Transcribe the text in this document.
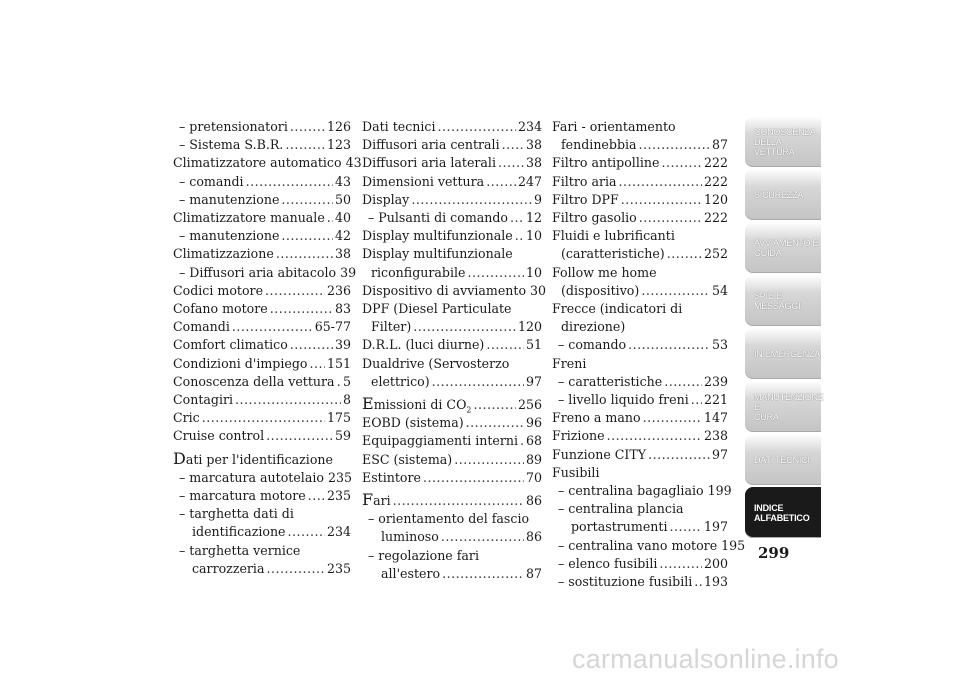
– pretensionatori .....	126
– Sistema S.B.R. .....	123
Climatizzatore automatico 43
– comandi .....	43
– manutenzione .....	50
Climatizzatore manuale ..... 40
– manutenzione .....	42
Climatizzazione .....	38
– Diffusori aria abitacolo 39
Codici motore .....	236
Cofano motore .....	83
Comandi .....	65-77
Comfort climatico .....	39
Condizioni d'impiego ..... 151
Conoscenza della vettura ..... 5
Contagiri .....	8
Cric .....	175
Cruise control .....	59
Dati per l'identificazione
– marcatura autotelaio 235
– marcatura motore ..... 235
– targhetta dati di
identificazione .....	234
– targhetta vernice
carrozzeria .....	235
Dati tecnici .....	234
Diffusori aria centrali ..... 38
Diffusori aria laterali ..... 38
Dimensioni vettura .....	247
Display .....	9
– Pulsanti di comando ..... 12
Display multifunzionale ..... 10
Display multifunzionale
riconfigurabile .....	10
Dispositivo di avviamento 30
DPF (Diesel Particulate
Filter) .....	120
D.R.L. (luci diurne) .....	51
Dualdrive (Servosterzo
elettrico) .....	97
Emissioni di $CO_2$ .....	256
EOBD (sistema) .....	96
Equipaggiamenti interni ..... 68
ESC (sistema) .....	89
Estintore .....	70
Fari .....	86
– orientamento del fascio
luminoso .....	86
– regolazione fari
all'estero .....	87
Fari - orientamento
fendinebbia .....	87
Filtro antipolline .....	222
Filtro aria .....	222
Filtro DPF .....	120
Filtro gasolio .....	222
Fluidi e lubrificanti
(caratteristiche) .....	252
Follow me home
(dispositivo) .....	54
Frecce (indicatori di
direzione)
– comando .....	53
Freni
– caratteristiche .....	239
– livello liquido freni ..... 221
Freno a mano .....	147
Frizione .....	238
Funzione CITY .....	97
Fusibili
– centralina bagagliaio 199
– centralina plancia
portastrumenti .....	197
– centralina vano motore 195
– elenco fusibili .....	200
– sostituzione fusibili ..... 193
CONOSCENZA
DELLA VETTURA
SICUREZZA
AVVIAMENTO E
GUIDA
SPIE E MESSAGGI
IN EMERGENZA
MANUTENZIONE E
CURA
DATI TECNICI
INDICE
ALFABETICO
299
carmanualsonline.info
